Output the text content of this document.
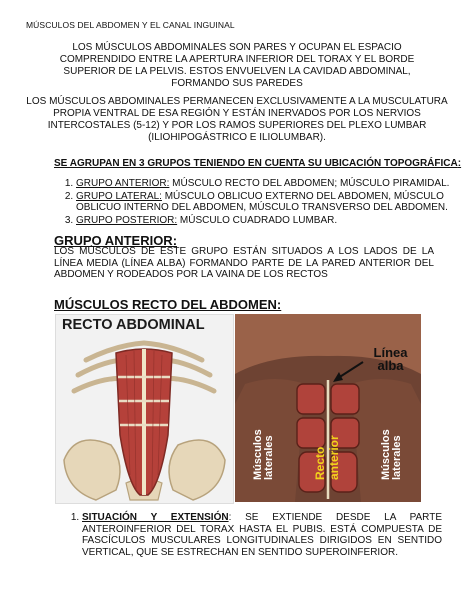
MÚSCULOS DEL ABDOMEN Y EL CANAL INGUINAL
LOS MÚSCULOS ABDOMINALES SON PARES Y OCUPAN EL ESPACIO COMPRENDIDO ENTRE LA APERTURA INFERIOR DEL TORAX Y EL BORDE SUPERIOR DE LA PELVIS. ESTOS ENVUELVEN LA CAVIDAD ABDOMINAL, FORMANDO SUS PAREDES
LOS MÚSCULOS ABDOMINALES PERMANECEN EXCLUSIVAMENTE A LA MUSCULATURA PROPIA VENTRAL DE ESA REGIÓN Y ESTÁN INERVADOS POR LOS NERVIOS INTERCOSTALES (5-12) Y POR LOS RAMOS SUPERIORES DEL PLEXO LUMBAR (ILIOHIPOGÁSTRICO E ILIOLUMBAR).
SE AGRUPAN EN 3 GRUPOS TENIENDO EN CUENTA SU UBICACIÓN TOPOGRÁFICA:
1. GRUPO ANTERIOR: MÚSCULO RECTO DEL ABDOMEN; MÚSCULO PIRAMIDAL.
2. GRUPO LATERAL: MÚSCULO OBLICUO EXTERNO DEL ABDOMEN, MÚSCULO OBLICUO INTERNO DEL ABDOMEN, MÚSCULO TRANSVERSO DEL ABDOMEN.
3. GRUPO POSTERIOR: MÚSCULO CUADRADO LUMBAR.
GRUPO ANTERIOR:
LOS MÚSCULOS DE ESTE GRUPO ESTÁN SITUADOS A LOS LADOS DE LA LÍNEA MEDIA (LÍNEA ALBA) FORMANDO PARTE DE LA PARED ANTERIOR DEL ABDOMEN Y RODEADOS POR LA VAINA DE LOS RECTOS
MÚSCULOS RECTO DEL ABDOMEN:
RECTO ABDOMINAL
Línea alba
Músculos laterales	Recto anterior	Músculos laterales
1. SITUACIÓN Y EXTENSIÓN: SE EXTIENDE DESDE LA PARTE ANTEROINFERIOR DEL TORAX HASTA EL PUBIS. ESTÁ COMPUESTA DE FASCÍCULOS MUSCULARES LONGITUDINALES DIRIGIDOS EN SENTIDO VERTICAL, QUE SE ESTRECHAN EN SENTIDO SUPEROINFERIOR.
